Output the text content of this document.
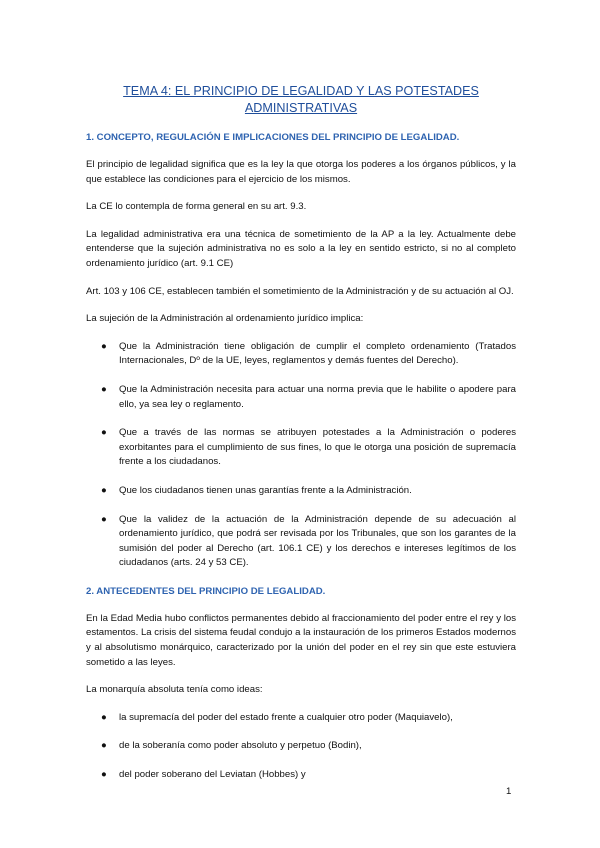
TEMA 4: EL PRINCIPIO DE LEGALIDAD Y LAS POTESTADES ADMINISTRATIVAS
1. CONCEPTO, REGULACIÓN E IMPLICACIONES DEL PRINCIPIO DE LEGALIDAD.

El principio de legalidad significa que es la ley la que otorga los poderes a los órganos públicos, y la que establece las condiciones para el ejercicio de los mismos.

La CE lo contempla de forma general en su art. 9.3.

La legalidad administrativa era una técnica de sometimiento de la AP a la ley. Actualmente debe entenderse que la sujeción administrativa no es solo a la ley en sentido estricto, si no al completo ordenamiento jurídico (art. 9.1 CE)

Art. 103 y 106 CE, establecen también el sometimiento de la Administración y de su actuación al OJ.

La sujeción de la Administración al ordenamiento jurídico implica:

● Que la Administración tiene obligación de cumplir el completo ordenamiento (Tratados Internacionales, Dº de la UE, leyes, reglamentos y demás fuentes del Derecho).
● Que la Administración necesita para actuar una norma previa que le habilite o apodere para ello, ya sea ley o reglamento.
● Que a través de las normas se atribuyen potestades a la Administración o poderes exorbitantes para el cumplimiento de sus fines, lo que le otorga una posición de supremacía frente a los ciudadanos.
● Que los ciudadanos tienen unas garantías frente a la Administración.
● Que la validez de la actuación de la Administración depende de su adecuación al ordenamiento jurídico, que podrá ser revisada por los Tribunales, que son los garantes de la sumisión del poder al Derecho (art. 106.1 CE) y los derechos e intereses legítimos de los ciudadanos (arts. 24 y 53 CE).
2. ANTECEDENTES DEL PRINCIPIO DE LEGALIDAD.

En la Edad Media hubo conflictos permanentes debido al fraccionamiento del poder entre el rey y los estamentos. La crisis del sistema feudal condujo a la instauración de los primeros Estados modernos y al absolutismo monárquico, caracterizado por la unión del poder en el rey sin que este estuviera sometido a las leyes.

La monarquía absoluta tenía como ideas:

● la supremacía del poder del estado frente a cualquier otro poder (Maquiavelo),
● de la soberanía como poder absoluto y perpetuo (Bodin),
● del poder soberano del Leviatan (Hobbes) y
1
